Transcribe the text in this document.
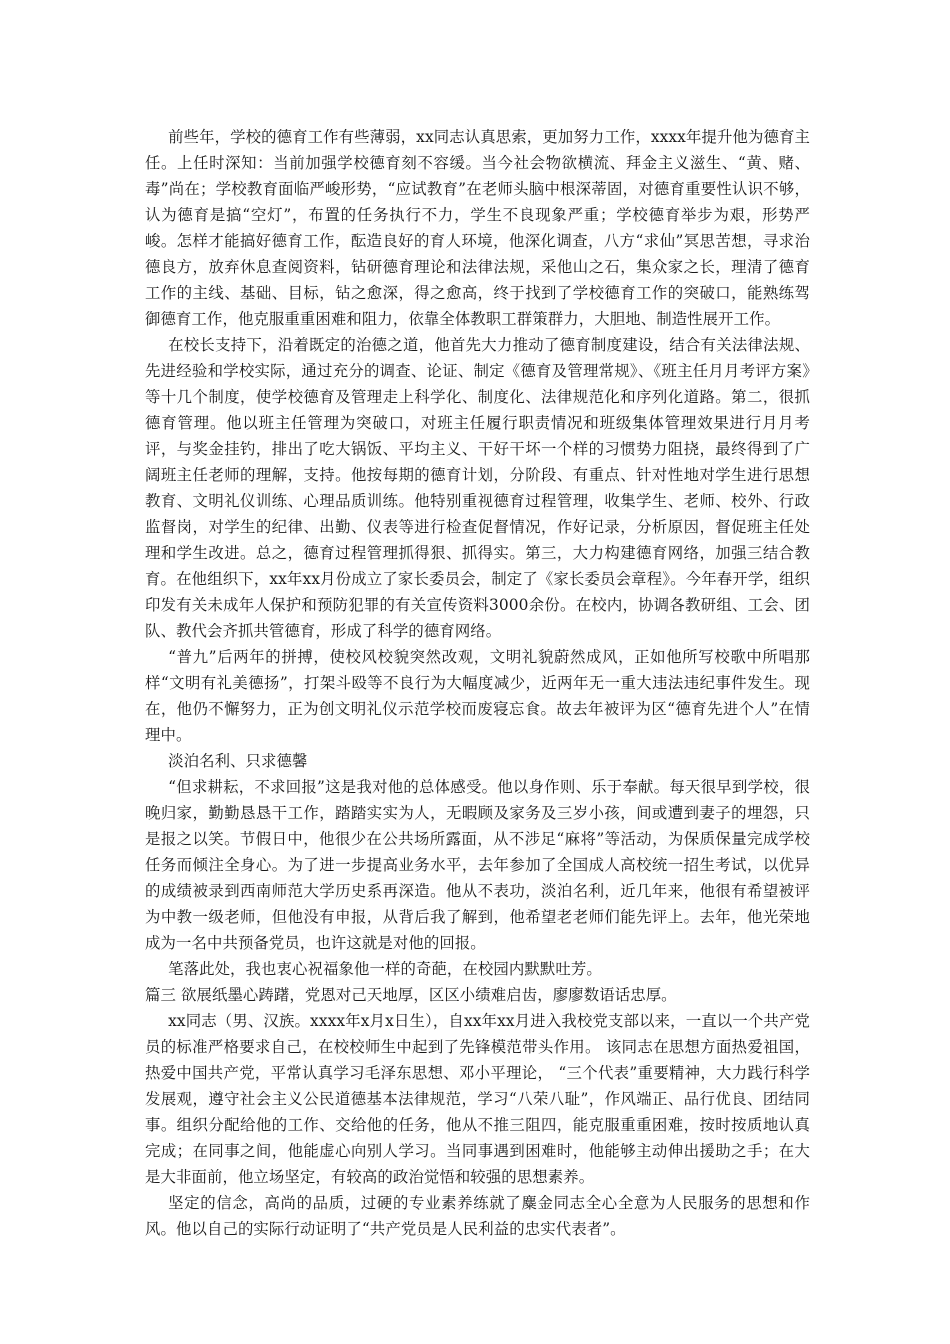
前些年，学校的德育工作有些薄弱，xx同志认真思索，更加努力工作，xxxx年提升他为德育主任。上任时深知：当前加强学校德育刻不容缓。当今社会物欲横流、拜金主义滋生、“黄、赌、毒”尚在；学校教育面临严峻形势，“应试教育”在老师头脑中根深蒂固，对德育重要性认识不够，认为德育是搞“空灯”，布置的任务执行不力，学生不良现象严重；学校德育举步为艰，形势严峻。怎样才能搞好德育工作，酝造良好的育人环境，他深化调查，八方“求仙”冥思苦想，寻求治德良方，放弃休息查阅资料，钻研德育理论和法律法规，采他山之石，集众家之长，理清了德育工作的主线、基础、目标，钻之愈深，得之愈高，终于找到了学校德育工作的突破口，能熟练驾御德育工作，他克服重重困难和阻力，依靠全体教职工群策群力，大胆地、制造性展开工作。

在校长支持下，沿着既定的治德之道，他首先大力推动了德育制度建设，结合有关法律法规、先进经验和学校实际，通过充分的调查、论证、制定《德育及管理常规》、《班主任月月考评方案》等十几个制度，使学校德育及管理走上科学化、制度化、法律规范化和序列化道路。第二，很抓德育管理。他以班主任管理为突破口，对班主任履行职责情况和班级集体管理效果进行月月考评，与奖金挂钓，排出了吃大锅饭、平均主义、干好干坏一个样的习惯势力阻挠，最终得到了广阔班主任老师的理解，支持。他按每期的德育计划，分阶段、有重点、针对性地对学生进行思想教育、文明礼仪训练、心理品质训练。他特别重视德育过程管理，收集学生、老师、校外、行政监督岗，对学生的纪律、出勤、仪表等进行检查促督情况，作好记录，分析原因，督促班主任处理和学生改进。总之，德育过程管理抓得狠、抓得实。第三，大力构建德育网络，加强三结合教育。在他组织下，xx年xx月份成立了家长委员会，制定了《家长委员会章程》。今年春开学，组织印发有关未成年人保护和预防犯罪的有关宣传资料3000余份。在校内，协调各教研组、工会、团队、教代会齐抓共管德育，形成了科学的德育网络。

“普九”后两年的拼搏，使校风校貌突然改观，文明礼貌蔚然成风，正如他所写校歌中所唱那样“文明有礼美德扬”，打架斗殴等不良行为大幅度减少，近两年无一重大违法违纪事件发生。现在，他仍不懈努力，正为创文明礼仪示范学校而废寝忘食。故去年被评为区“德育先进个人”在情理中。

淡泊名利、只求德馨

“但求耕耘，不求回报”这是我对他的总体感受。他以身作则、乐于奉献。每天很早到学校，很晚归家，勤勤恳恳干工作，踏踏实实为人，无暇顾及家务及三岁小孩，间或遭到妻子的埋怨，只是报之以笑。节假日中，他很少在公共场所露面，从不涉足“麻将”等活动，为保质保量完成学校任务而倾注全身心。为了进一步提高业务水平，去年参加了全国成人高校统一招生考试，以优异的成绩被录到西南师范大学历史系再深造。他从不表功，淡泊名利，近几年来，他很有希望被评为中教一级老师，但他没有申报，从背后我了解到，他希望老老师们能先评上。去年，他光荣地成为一名中共预备党员，也许这就是对他的回报。

笔落此处，我也衷心祝福象他一样的奇葩，在校园内默默吐芳。

篇三 欲展纸墨心踌躇，党恩对己天地厚，区区小绩难启齿，廖廖数语话忠厚。

xx同志（男、汉族。xxxx年x月x日生），自xx年xx月进入我校党支部以来，一直以一个共产党员的标准严格要求自己，在校校师生中起到了先锋模范带头作用。 该同志在思想方面热爱祖国，热爱中国共产党，平常认真学习毛泽东思想、邓小平理论， “三个代表”重要精神，大力践行科学发展观，遵守社会主义公民道德基本法律规范，学习“八荣八耻”，作风端正、品行优良、团结同事。组织分配给他的工作、交给他的任务，他从不推三阻四，能克服重重困难，按时按质地认真完成；在同事之间，他能虚心向别人学习。当同事遇到困难时，他能够主动伸出援助之手；在大是大非面前，他立场坚定，有较高的政治觉悟和较强的思想素养。

坚定的信念，高尚的品质，过硬的专业素养练就了麋金同志全心全意为人民服务的思想和作风。他以自己的实际行动证明了“共产党员是人民利益的忠实代表者”。
